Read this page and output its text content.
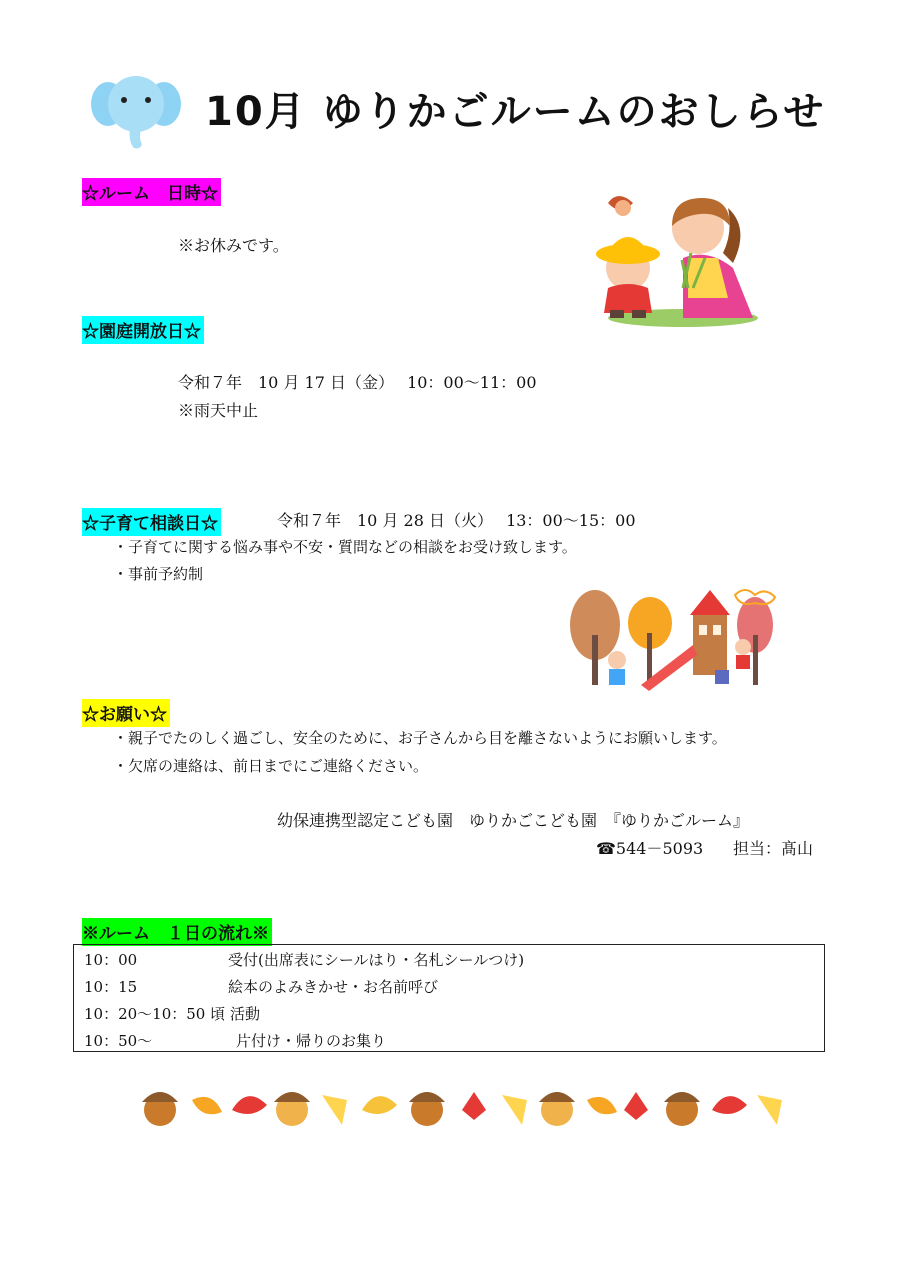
10月 ゆりかごルームのおしらせ
☆ルーム　日時☆
※お休みです。
☆園庭開放日☆
令和７年　10 月 17 日（金）　 10：00〜11：00
※雨天中止
☆子育て相談日☆	令和７年　10 月 28 日（火）　 13：00〜15：00
・子育てに関する悩み事や不安・質問などの相談をお受け致します。
・事前予約制
☆お願い☆
・親子でたのしく過ごし、安全のために、お子さんから目を離さないようにお願いします。
・欠席の連絡は、前日までにご連絡ください。
幼保連携型認定こども園　ゆりかごこども園　『ゆりかごルーム』
☎544－5093 担当：髙山
※ルーム　１日の流れ※
10：00	受付(出席表にシールはり・名札シールつけ)
10：15	絵本のよみきかせ・お名前呼び
10：20〜10：50 頃 活動
10：50〜	片付け・帰りのお集り
